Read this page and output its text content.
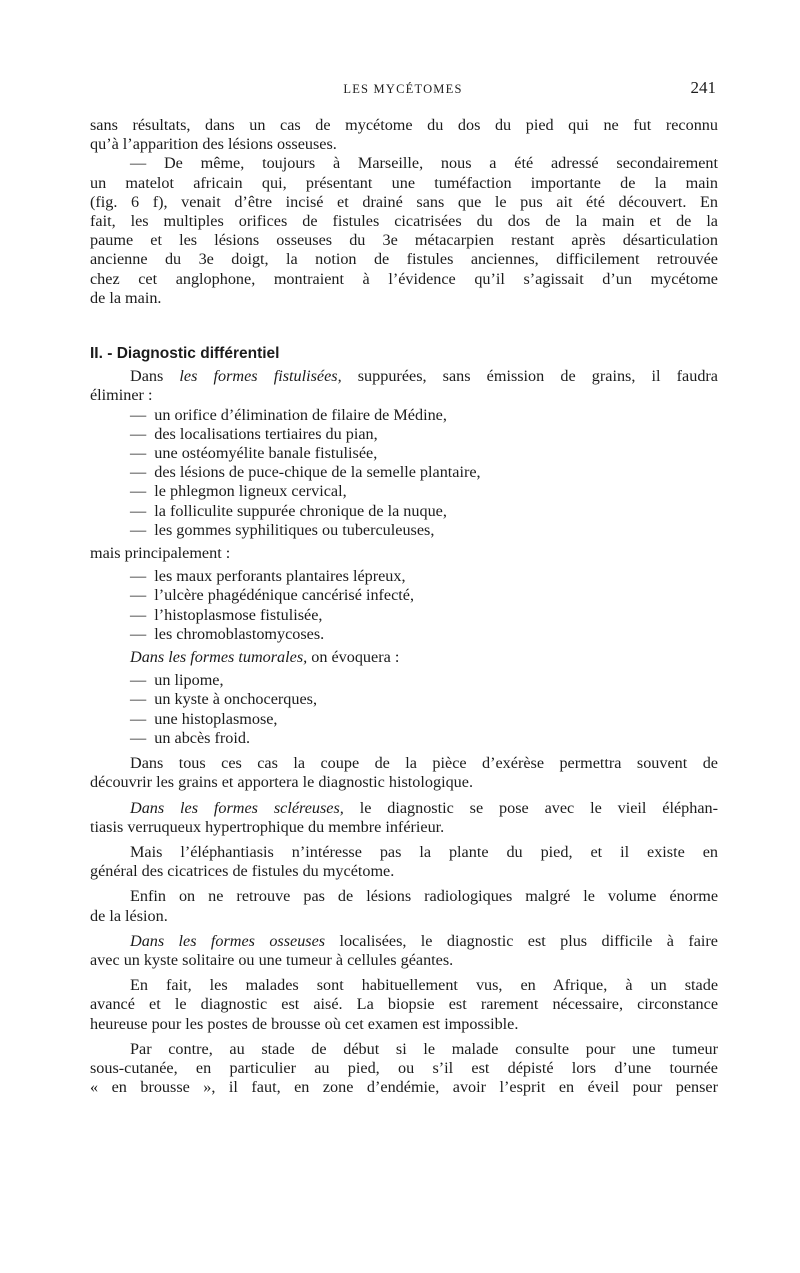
LES MYCÉTOMES	241

sans résultats, dans un cas de mycétome du dos du pied qui ne fut reconnu

qu’à l’apparition des lésions osseuses.

— De même, toujours à Marseille, nous a été adressé secondairement

un matelot africain qui, présentant une tuméfaction importante de la main

(fig. 6 f), venait d’être incisé et drainé sans que le pus ait été découvert. En

fait, les multiples orifices de fistules cicatrisées du dos de la main et de la

paume et les lésions osseuses du 3e métacarpien restant après désarticulation

ancienne du 3e doigt, la notion de fistules anciennes, difficilement retrouvée

chez cet anglophone, montraient à l’évidence qu’il s’agissait d’un mycétome

de la main.

II. - Diagnostic différentiel

Dans les formes fistulisées, suppurées, sans émission de grains, il faudra

éliminer :

—  un orifice d’élimination de filaire de Médine,
—  des localisations tertiaires du pian,
—  une ostéomyélite banale fistulisée,
—  des lésions de puce-chique de la semelle plantaire,
—  le phlegmon ligneux cervical,
—  la folliculite suppurée chronique de la nuque,
—  les gommes syphilitiques ou tuberculeuses,

mais principalement :

—  les maux perforants plantaires lépreux,
—  l’ulcère phagédénique cancérisé infecté,
—  l’histoplasmose fistulisée,
—  les chromoblastomycoses.

Dans les formes tumorales, on évoquera :

—  un lipome,
—  un kyste à onchocerques,
—  une histoplasmose,
—  un abcès froid.

Dans tous ces cas la coupe de la pièce d’exérèse permettra souvent de

découvrir les grains et apportera le diagnostic histologique.

Dans les formes scléreuses, le diagnostic se pose avec le vieil éléphan-

tiasis verruqueux hypertrophique du membre inférieur.

Mais l’éléphantiasis n’intéresse pas la plante du pied, et il existe en

général des cicatrices de fistules du mycétome.

Enfin on ne retrouve pas de lésions radiologiques malgré le volume énorme

de la lésion.

Dans les formes osseuses localisées, le diagnostic est plus difficile à faire

avec un kyste solitaire ou une tumeur à cellules géantes.

En fait, les malades sont habituellement vus, en Afrique, à un stade

avancé et le diagnostic est aisé. La biopsie est rarement nécessaire, circonstance

heureuse pour les postes de brousse où cet examen est impossible.

Par contre, au stade de début si le malade consulte pour une tumeur

sous-cutanée, en particulier au pied, ou s’il est dépisté lors d’une tournée

« en brousse », il faut, en zone d’endémie, avoir l’esprit en éveil pour penser
